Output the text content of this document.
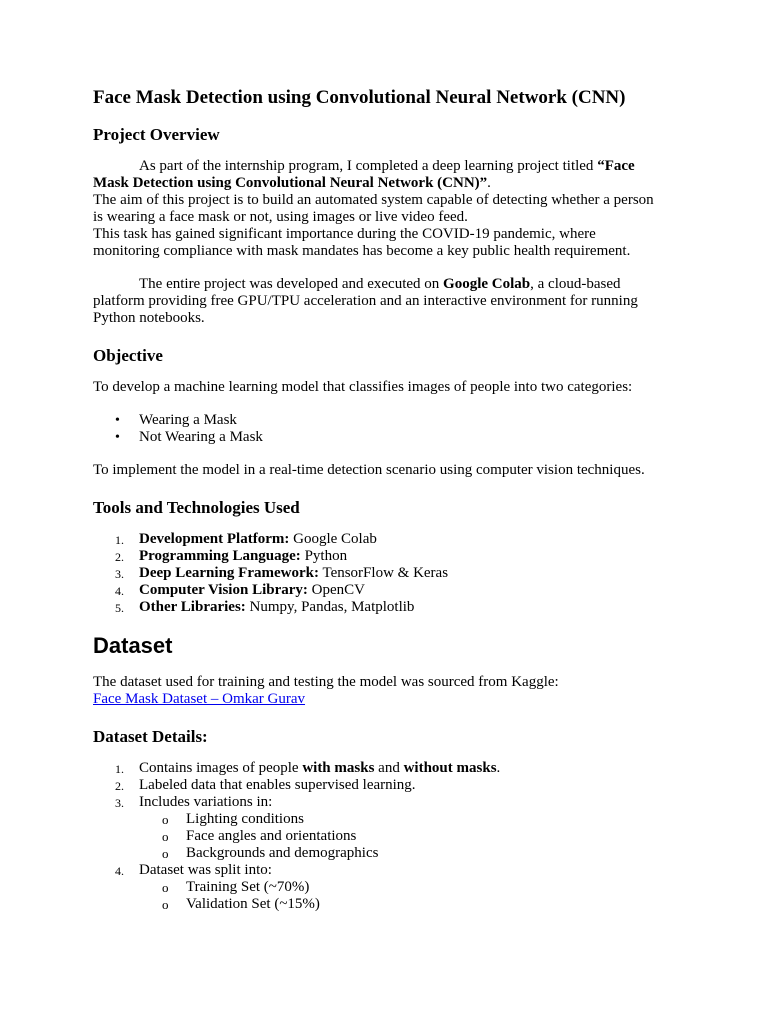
Face Mask Detection using Convolutional Neural Network (CNN)
Project Overview

As part of the internship program, I completed a deep learning project titled “Face
Mask Detection using Convolutional Neural Network (CNN)”.
The aim of this project is to build an automated system capable of detecting whether a person
is wearing a face mask or not, using images or live video feed.
This task has gained significant importance during the COVID-19 pandemic, where
monitoring compliance with mask mandates has become a key public health requirement.

The entire project was developed and executed on Google Colab, a cloud-based
platform providing free GPU/TPU acceleration and an interactive environment for running
Python notebooks.

Objective

To develop a machine learning model that classifies images of people into two categories:

• Wearing a Mask
• Not Wearing a Mask

To implement the model in a real-time detection scenario using computer vision techniques.

Tools and Technologies Used
1. Development Platform: Google Colab
2. Programming Language: Python
3. Deep Learning Framework: TensorFlow & Keras
4. Computer Vision Library: OpenCV
5. Other Libraries: Numpy, Pandas, Matplotlib
Dataset

The dataset used for training and testing the model was sourced from Kaggle:
Face Mask Dataset – Omkar Gurav

Dataset Details:
1. Contains images of people with masks and without masks.
2. Labeled data that enables supervised learning.
3. Includes variations in:
o Lighting conditions
o Face angles and orientations
o Backgrounds and demographics
4. Dataset was split into:
o Training Set (~70%)
o Validation Set (~15%)
